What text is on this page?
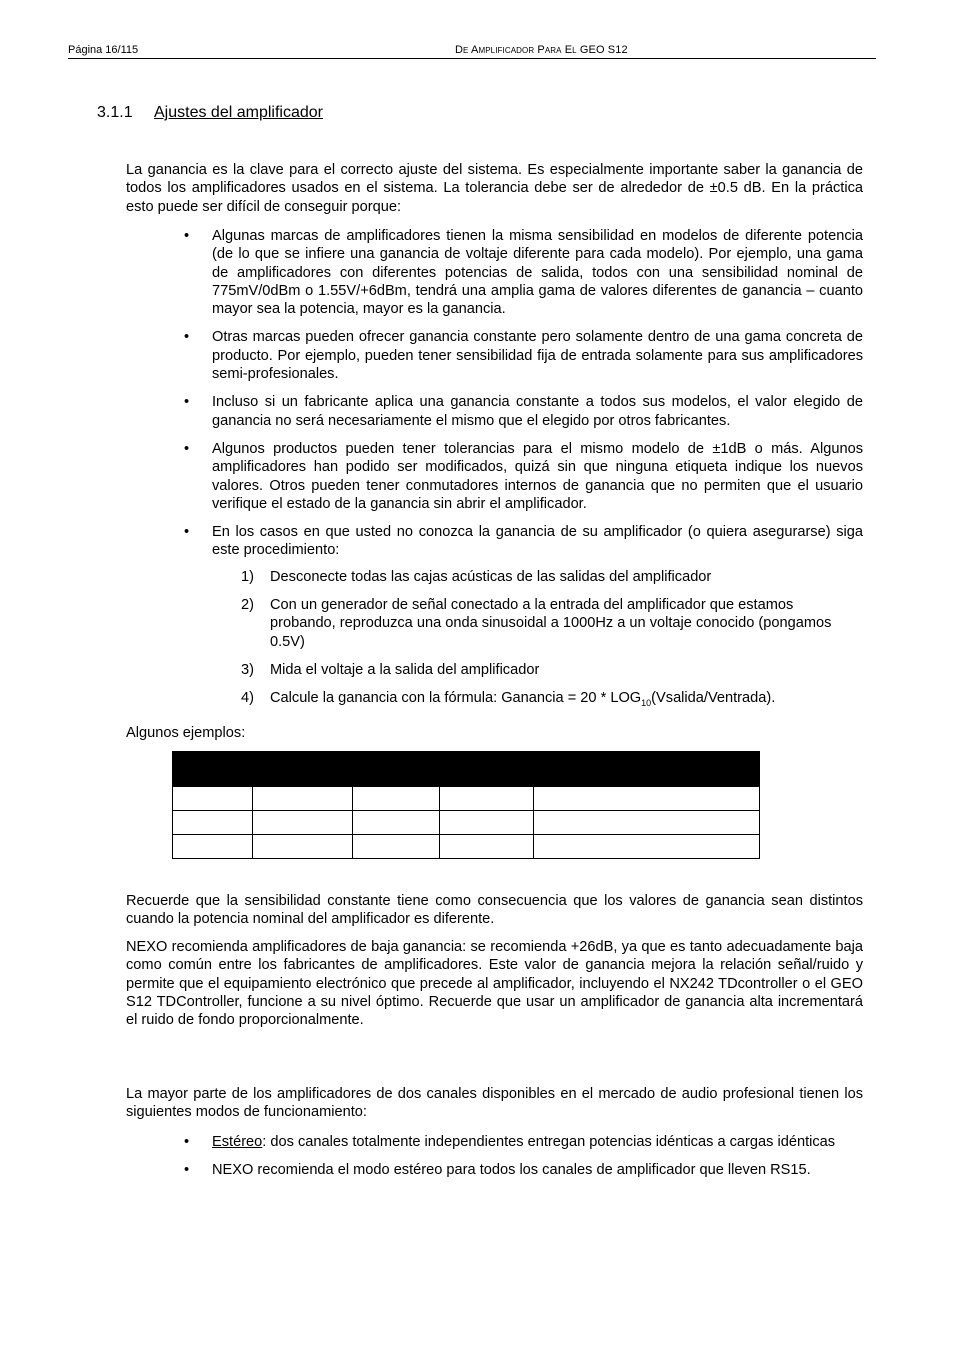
Página 16/115	De Amplificador Para El GEO S12
3.1.1 Ajustes del amplificador

La ganancia es la clave para el correcto ajuste del sistema. Es especialmente importante saber la ganancia de todos los amplificadores usados en el sistema. La tolerancia debe ser de alrededor de ±0.5 dB. En la práctica esto puede ser difícil de conseguir porque:

• Algunas marcas de amplificadores tienen la misma sensibilidad en modelos de diferente potencia (de lo que se infiere una ganancia de voltaje diferente para cada modelo). Por ejemplo, una gama de amplificadores con diferentes potencias de salida, todos con una sensibilidad nominal de 775mV/0dBm o 1.55V/+6dBm, tendrá una amplia gama de valores diferentes de ganancia – cuanto mayor sea la potencia, mayor es la ganancia.
• Otras marcas pueden ofrecer ganancia constante pero solamente dentro de una gama concreta de producto. Por ejemplo, pueden tener sensibilidad fija de entrada solamente para sus amplificadores semi-profesionales.
• Incluso si un fabricante aplica una ganancia constante a todos sus modelos, el valor elegido de ganancia no será necesariamente el mismo que el elegido por otros fabricantes.
• Algunos productos pueden tener tolerancias para el mismo modelo de ±1dB o más. Algunos amplificadores han podido ser modificados, quizá sin que ninguna etiqueta indique los nuevos valores. Otros pueden tener conmutadores internos de ganancia que no permiten que el usuario verifique el estado de la ganancia sin abrir el amplificador.
• En los casos en que usted no conozca la ganancia de su amplificador (o quiera asegurarse) siga este procedimiento:
1) Desconecte todas las cajas acústicas de las salidas del amplificador
2) Con un generador de señal conectado a la entrada del amplificador que estamos probando, reproduzca una onda sinusoidal a 1000Hz a un voltaje conocido (pongamos 0.5V)
3) Mida el voltaje a la salida del amplificador
4) Calcule la ganancia con la fórmula: Ganancia = $20 * LOG_{10}(Vsalida/Ventrada)$.

Algunos ejemplos:

Recuerde que la sensibilidad constante tiene como consecuencia que los valores de ganancia sean distintos cuando la potencia nominal del amplificador es diferente.

NEXO recomienda amplificadores de baja ganancia: se recomienda +26dB, ya que es tanto adecuadamente baja como común entre los fabricantes de amplificadores. Este valor de ganancia mejora la relación señal/ruido y permite que el equipamiento electrónico que precede al amplificador, incluyendo el NX242 TDcontroller o el GEO S12 TDController, funcione a su nivel óptimo. Recuerde que usar un amplificador de ganancia alta incrementará el ruido de fondo proporcionalmente.

La mayor parte de los amplificadores de dos canales disponibles en el mercado de audio profesional tienen los siguientes modos de funcionamiento:

• Estéreo: dos canales totalmente independientes entregan potencias idénticas a cargas idénticas
• NEXO recomienda el modo estéreo para todos los canales de amplificador que lleven RS15.
